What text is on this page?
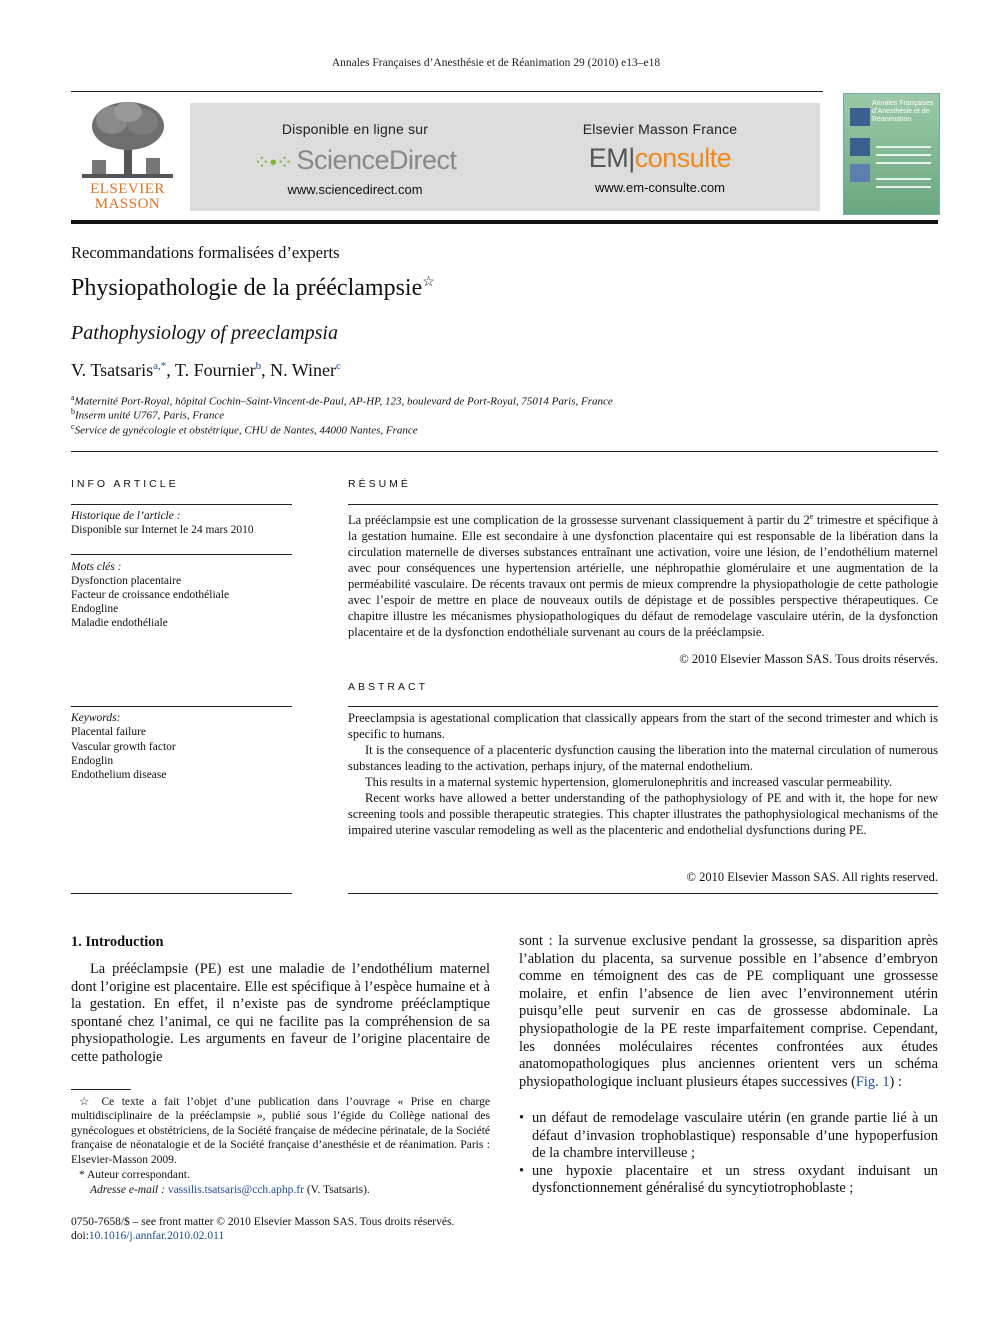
Annales Françaises d’Anesthésie et de Réanimation 29 (2010) e13–e18
ELSEVIER
MASSON
Disponible en ligne sur
⁘•⁘ ScienceDirect
www.sciencedirect.com
Elsevier Masson France
EM|consulte
www.em-consulte.com
Annales Françaises d’Anesthésie et de Réanimation
Recommandations formalisées d’experts
Physiopathologie de la prééclampsie☆
Pathophysiology of preeclampsia
V. Tsatsaris$^{a,*}$, T. Fournier$^b$, N. Winer$^c$
$^a$Maternité Port-Royal, hôpital Cochin–Saint-Vincent-de-Paul, AP-HP, 123, boulevard de Port-Royal, 75014 Paris, France
$^b$Inserm unité U767, Paris, France
$^c$Service de gynécologie et obstétrique, CHU de Nantes, 44000 Nantes, France
INFO ARTICLE
Historique de l’article :
Disponible sur Internet le 24 mars 2010
Mots clés :
Dysfonction placentaire
Facteur de croissance endothéliale
Endogline
Maladie endothéliale
Keywords:
Placental failure
Vascular growth factor
Endoglin
Endothelium disease
RÉSUMÉ

La prééclampsie est une complication de la grossesse survenant classiquement à partir du 2e trimestre et spécifique à la gestation humaine. Elle est secondaire à une dysfonction placentaire qui est responsable de la libération dans la circulation maternelle de diverses substances entraînant une activation, voire une lésion, de l’endothélium maternel avec pour conséquences une hypertension artérielle, une néphropathie glomérulaire et une augmentation de la perméabilité vasculaire. De récents travaux ont permis de mieux comprendre la physiopathologie de cette pathologie avec l’espoir de mettre en place de nouveaux outils de dépistage et de possibles perspective thérapeutiques. Ce chapitre illustre les mécanismes physiopathologiques du défaut de remodelage vasculaire utérin, de la dysfonction placentaire et de la dysfonction endothéliale survenant au cours de la prééclampsie.

© 2010 Elsevier Masson SAS. Tous droits réservés.
ABSTRACT

Preeclampsia is agestational complication that classically appears from the start of the second trimester and which is specific to humans.

It is the consequence of a placenteric dysfunction causing the liberation into the maternal circulation of numerous substances leading to the activation, perhaps injury, of the maternal endothelium.

This results in a maternal systemic hypertension, glomerulonephritis and increased vascular permeability.

Recent works have allowed a better understanding of the pathophysiology of PE and with it, the hope for new screening tools and possible therapeutic strategies. This chapter illustrates the pathophysiological mechanisms of the impaired uterine vascular remodeling as well as the placenteric and endothelial dysfunctions during PE.

© 2010 Elsevier Masson SAS. All rights reserved.
1. Introduction

La prééclampsie (PE) est une maladie de l’endothélium maternel dont l’origine est placentaire. Elle est spécifique à l’espèce humaine et à la gestation. En effet, il n’existe pas de syndrome prééclamptique spontané chez l’animal, ce qui ne facilite pas la compréhension de sa physiopathologie. Les arguments en faveur de l’origine placentaire de cette pathologie

sont : la survenue exclusive pendant la grossesse, sa disparition après l’ablation du placenta, sa survenue possible en l’absence d’embryon comme en témoignent des cas de PE compliquant une grossesse molaire, et enfin l’absence de lien avec l’environnement utérin puisqu’elle peut survenir en cas de grossesse abdominale. La physiopathologie de la PE reste imparfaitement comprise. Cependant, les données moléculaires récentes confrontées aux études anatomopathologiques plus anciennes orientent vers un schéma physiopathologique incluant plusieurs étapes successives (Fig. 1) :

• un défaut de remodelage vasculaire utérin (en grande partie lié à un défaut d’invasion trophoblastique) responsable d’une hypoperfusion de la chambre intervilleuse ;
• une hypoxie placentaire et un stress oxydant induisant un dysfonctionnement généralisé du syncytiotrophoblaste ;
☆ Ce texte a fait l’objet d’une publication dans l’ouvrage « Prise en charge multidisciplinaire de la prééclampsie », publié sous l’égide du Collège national des gynécologues et obstétriciens, de la Société française de médecine périnatale, de la Société française de néonatalogie et de la Société française d’anesthésie et de réanimation. Paris : Elsevier-Masson 2009.
* Auteur correspondant.
Adresse e-mail : vassilis.tsatsaris@cch.aphp.fr (V. Tsatsaris).
0750-7658/$ – see front matter © 2010 Elsevier Masson SAS. Tous droits réservés.
doi:10.1016/j.annfar.2010.02.011
